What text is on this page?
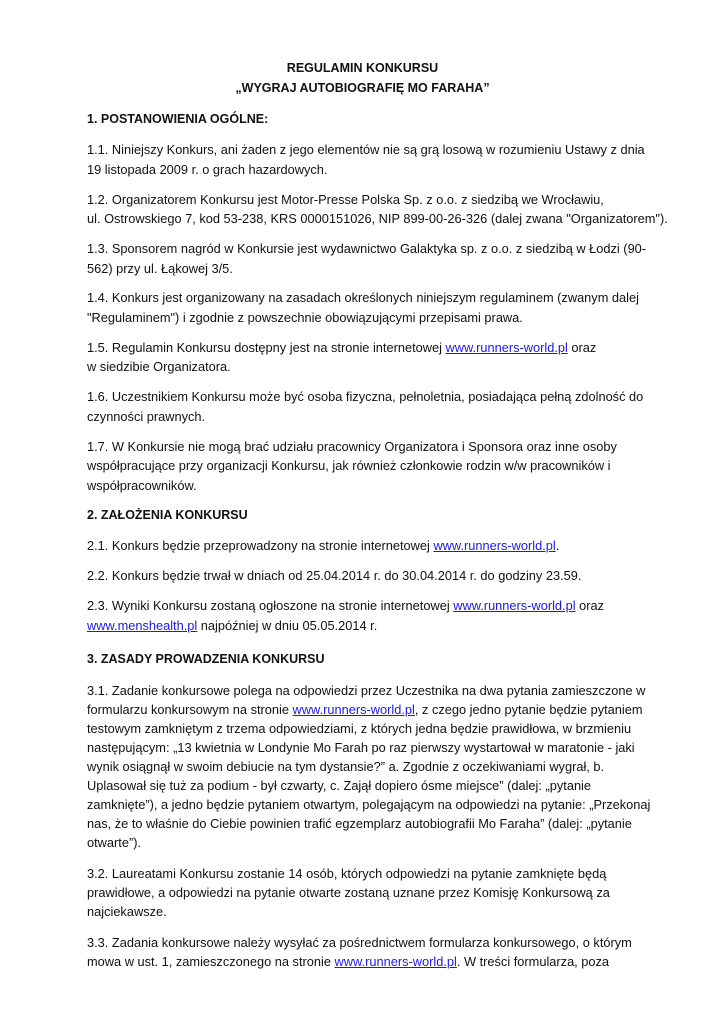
REGULAMIN KONKURSU
„WYGRAJ AUTOBIOGRAFIĘ MO FARAHA”
1. POSTANOWIENIA OGÓLNE:
1.1. Niniejszy Konkurs, ani żaden z jego elementów nie są grą losową w rozumieniu Ustawy z dnia
19 listopada 2009 r. o grach hazardowych.
1.2. Organizatorem Konkursu jest Motor-Presse Polska Sp. z o.o. z siedzibą we Wrocławiu,
ul. Ostrowskiego 7, kod 53-238, KRS 0000151026, NIP 899-00-26-326 (dalej zwana "Organizatorem").
1.3. Sponsorem nagród w Konkursie jest wydawnictwo Galaktyka sp. z o.o. z siedzibą w Łodzi (90-
562) przy ul. Łąkowej 3/5.
1.4. Konkurs jest organizowany na zasadach określonych niniejszym regulaminem (zwanym dalej
"Regulaminem") i zgodnie z powszechnie obowiązującymi przepisami prawa.
1.5. Regulamin Konkursu dostępny jest na stronie internetowej www.runners-world.pl oraz
w siedzibie Organizatora.
1.6. Uczestnikiem Konkursu może być osoba fizyczna, pełnoletnia, posiadająca pełną zdolność do
czynności prawnych.
1.7. W Konkursie nie mogą brać udziału pracownicy Organizatora i Sponsora oraz inne osoby
współpracujące przy organizacji Konkursu, jak również członkowie rodzin w/w pracowników i
współpracowników.
2. ZAŁOŻENIA KONKURSU
2.1. Konkurs będzie przeprowadzony na stronie internetowej www.runners-world.pl.
2.2. Konkurs będzie trwał w dniach od 25.04.2014 r. do 30.04.2014 r. do godziny 23.59.
2.3. Wyniki Konkursu zostaną ogłoszone na stronie internetowej www.runners-world.pl oraz
www.menshealth.pl najpóźniej w dniu 05.05.2014 r.
3. ZASADY PROWADZENIA KONKURSU
3.1. Zadanie konkursowe polega na odpowiedzi przez Uczestnika na dwa pytania zamieszczone w
formularzu konkursowym na stronie www.runners-world.pl, z czego jedno pytanie będzie pytaniem
testowym zamkniętym z trzema odpowiedziami, z których jedna będzie prawidłowa, w brzmieniu
następującym: „13 kwietnia w Londynie Mo Farah po raz pierwszy wystartował w maratonie - jaki
wynik osiągnął w swoim debiucie na tym dystansie?” a. Zgodnie z oczekiwaniami wygrał, b.
Uplasował się tuż za podium - był czwarty, c. Zajął dopiero ósme miejsce” (dalej: „pytanie
zamknięte”), a jedno będzie pytaniem otwartym, polegającym na odpowiedzi na pytanie: „Przekonaj
nas, że to właśnie do Ciebie powinien trafić egzemplarz autobiografii Mo Faraha” (dalej: „pytanie
otwarte”).
3.2. Laureatami Konkursu zostanie 14 osób, których odpowiedzi na pytanie zamknięte będą
prawidłowe, a odpowiedzi na pytanie otwarte zostaną uznane przez Komisję Konkursową za
najciekawsze.
3.3. Zadania konkursowe należy wysyłać za pośrednictwem formularza konkursowego, o którym
mowa w ust. 1, zamieszczonego na stronie www.runners-world.pl. W treści formularza, poza
